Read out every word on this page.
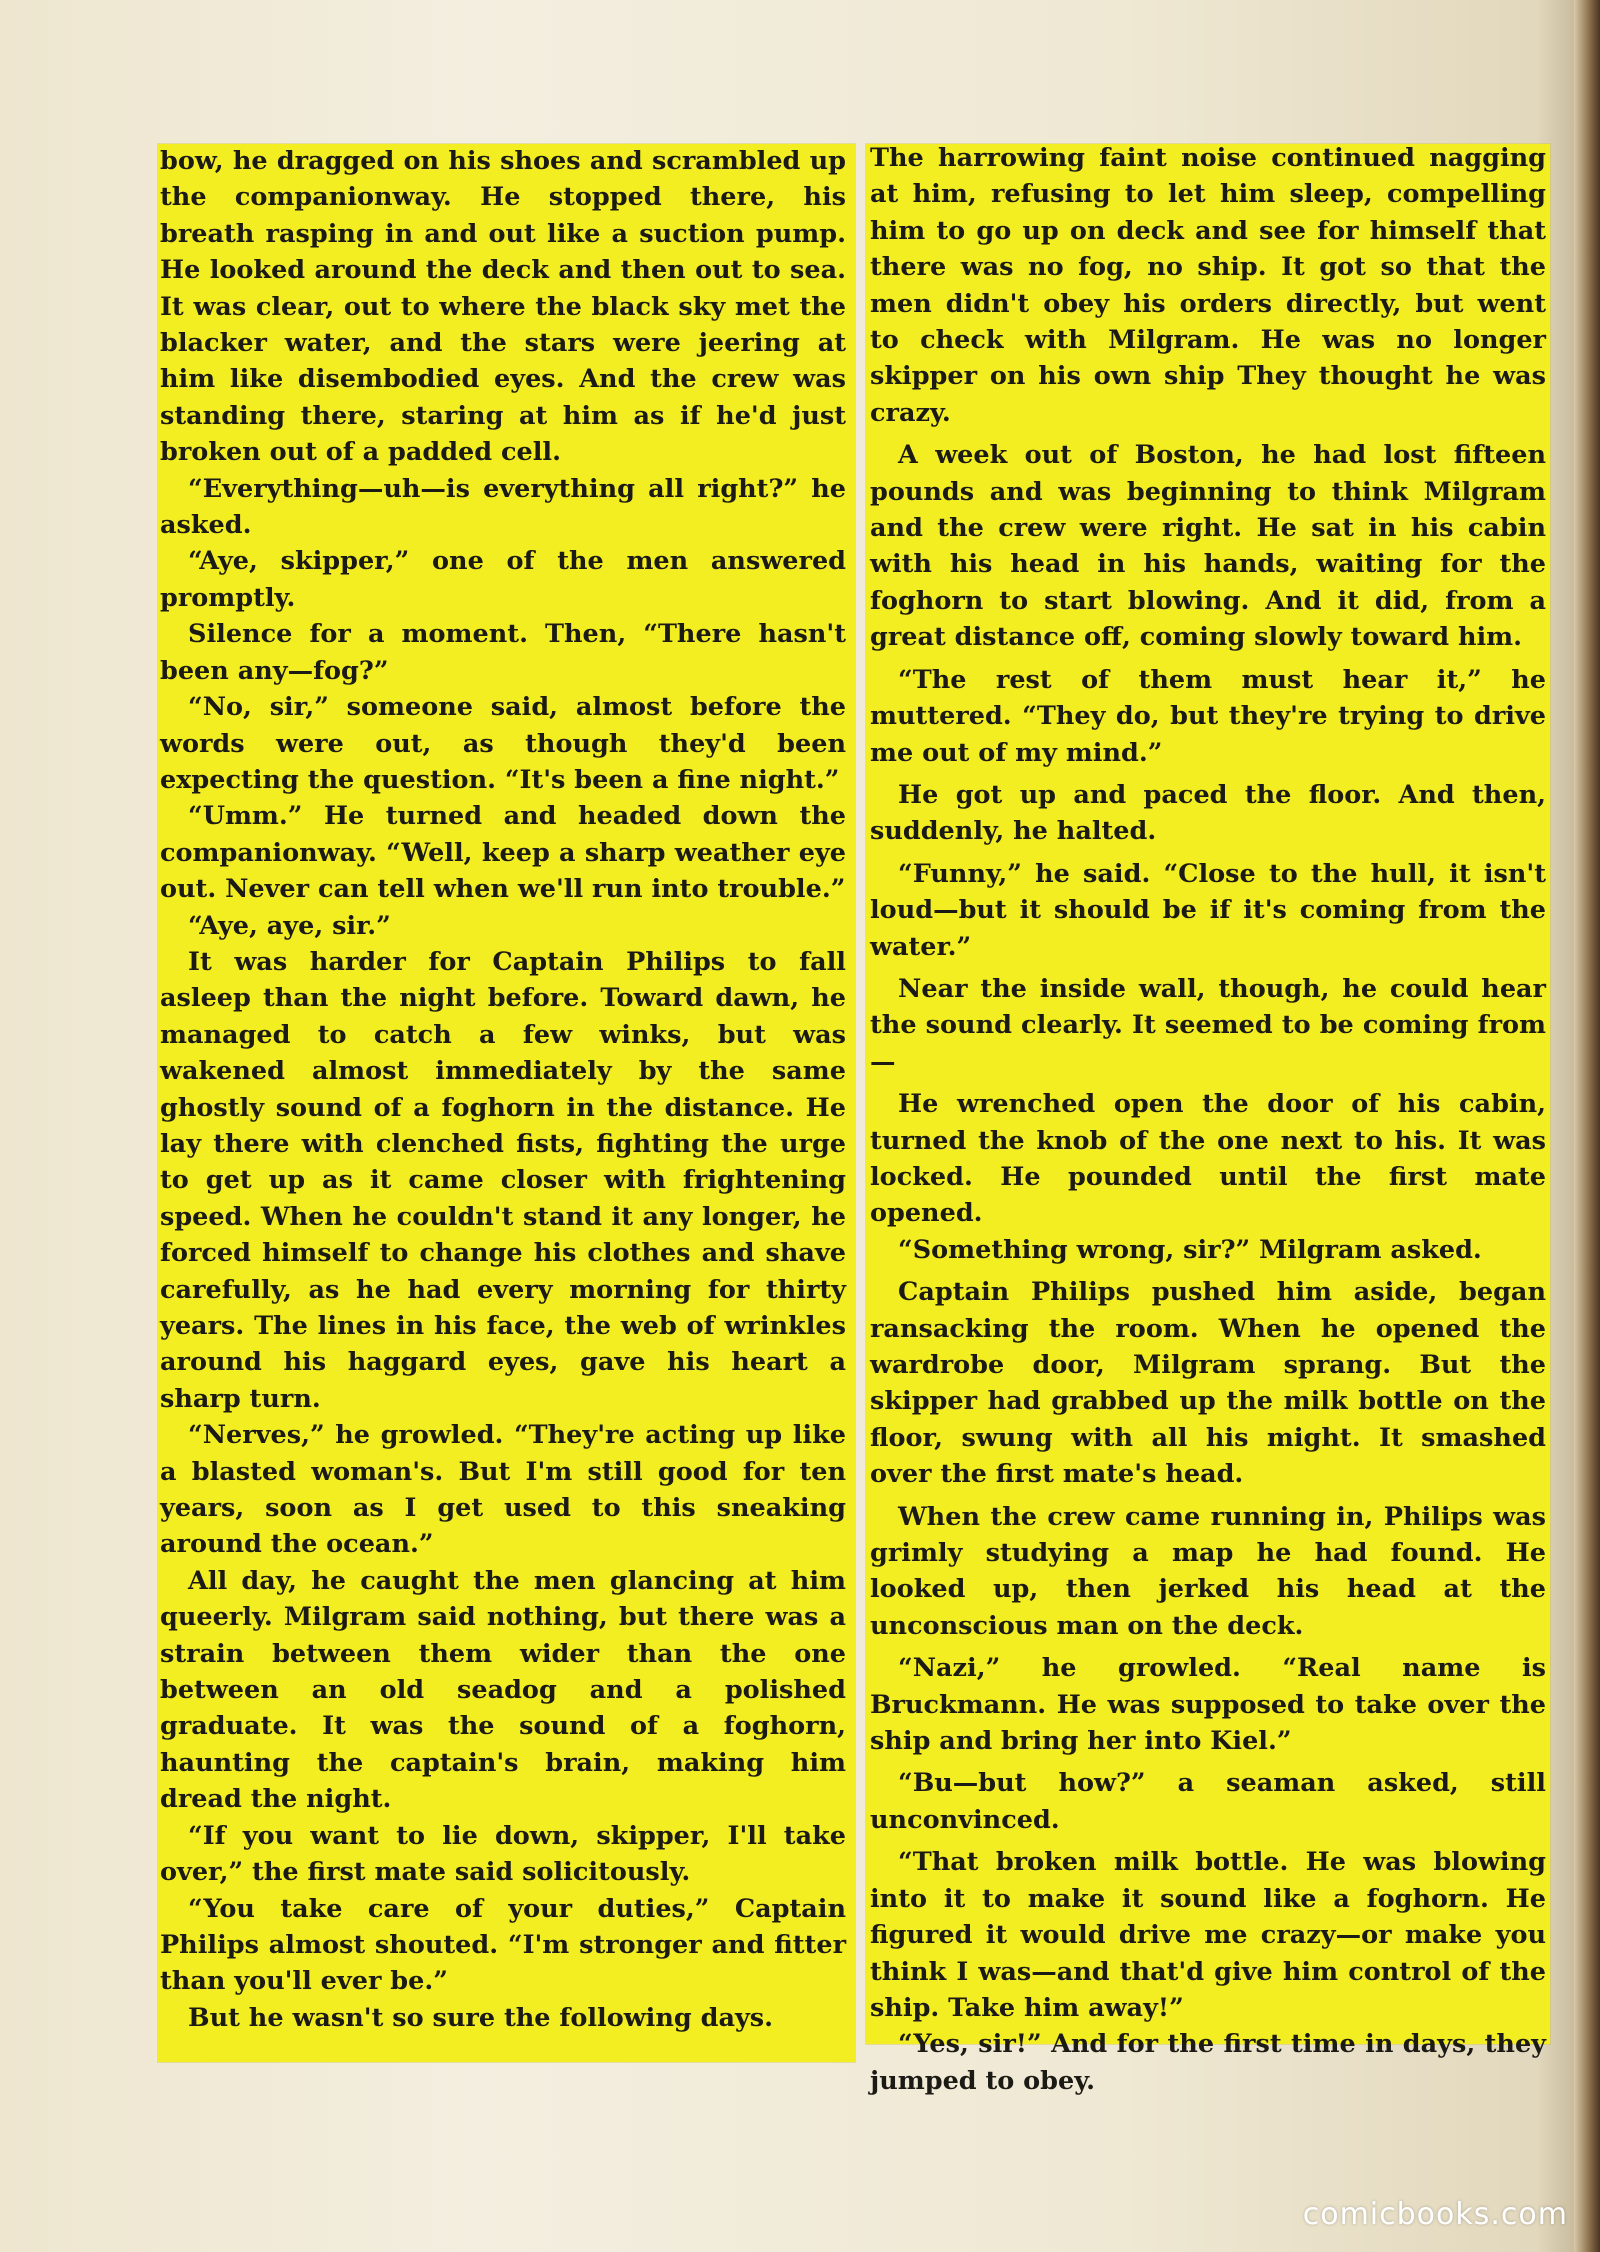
bow, he dragged on his shoes and scrambled up the companionway. He stopped there, his breath rasping in and out like a suction pump. He looked around the deck and then out to sea. It was clear, out to where the black sky met the blacker water, and the stars were jeering at him like disembodied eyes. And the crew was standing there, staring at him as if he'd just broken out of a padded cell.

“Everything—uh—is everything all right?” he asked.

“Aye, skipper,” one of the men answered promptly.

Silence for a moment. Then, “There hasn't been any—fog?”

“No, sir,” someone said, almost before the words were out, as though they'd been expecting the question. “It's been a fine night.”

“Umm.” He turned and headed down the companionway. “Well, keep a sharp weather eye out. Never can tell when we'll run into trouble.”

“Aye, aye, sir.”

It was harder for Captain Philips to fall asleep than the night before. Toward dawn, he managed to catch a few winks, but was wakened almost immediately by the same ghostly sound of a foghorn in the distance. He lay there with clenched fists, fighting the urge to get up as it came closer with frightening speed. When he couldn't stand it any longer, he forced himself to change his clothes and shave carefully, as he had every morning for thirty years. The lines in his face, the web of wrinkles around his haggard eyes, gave his heart a sharp turn.

“Nerves,” he growled. “They're acting up like a blasted woman's. But I'm still good for ten years, soon as I get used to this sneaking around the ocean.”

All day, he caught the men glancing at him queerly. Milgram said nothing, but there was a strain between them wider than the one between an old seadog and a polished graduate. It was the sound of a foghorn, haunting the captain's brain, making him dread the night.

“If you want to lie down, skipper, I'll take over,” the first mate said solicitously.

“You take care of your duties,” Captain Philips almost shouted. “I'm stronger and fitter than you'll ever be.”

But he wasn't so sure the following days.

The harrowing faint noise continued nagging at him, refusing to let him sleep, compelling him to go up on deck and see for himself that there was no fog, no ship. It got so that the men didn't obey his orders directly, but went to check with Milgram. He was no longer skipper on his own ship They thought he was crazy.

A week out of Boston, he had lost fifteen pounds and was beginning to think Milgram and the crew were right. He sat in his cabin with his head in his hands, waiting for the foghorn to start blowing. And it did, from a great distance off, coming slowly toward him.

“The rest of them must hear it,” he muttered. “They do, but they're trying to drive me out of my mind.”

He got up and paced the floor. And then, suddenly, he halted.

“Funny,” he said. “Close to the hull, it isn't loud—but it should be if it's coming from the water.”

Near the inside wall, though, he could hear the sound clearly. It seemed to be coming from—

He wrenched open the door of his cabin, turned the knob of the one next to his. It was locked. He pounded until the first mate opened.

“Something wrong, sir?” Milgram asked.

Captain Philips pushed him aside, began ransacking the room. When he opened the wardrobe door, Milgram sprang. But the skipper had grabbed up the milk bottle on the floor, swung with all his might. It smashed over the first mate's head.

When the crew came running in, Philips was grimly studying a map he had found. He looked up, then jerked his head at the unconscious man on the deck.

“Nazi,” he growled. “Real name is Bruckmann. He was supposed to take over the ship and bring her into Kiel.”

“Bu—but how?” a seaman asked, still unconvinced.

“That broken milk bottle. He was blowing into it to make it sound like a foghorn. He figured it would drive me crazy—or make you think I was—and that'd give him control of the ship. Take him away!”

“Yes, sir!” And for the first time in days, they jumped to obey.

comicbooks.com
